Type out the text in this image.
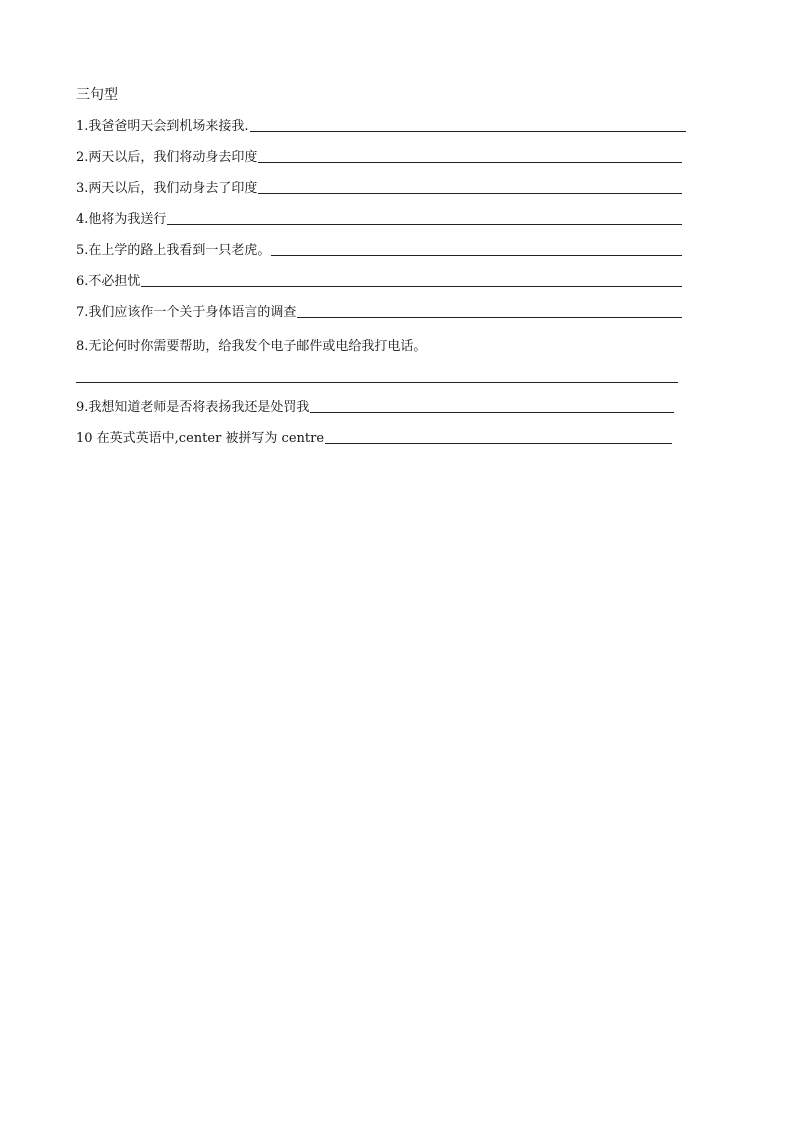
三句型
1.我爸爸明天会到机场来接我.
2.两天以后，我们将动身去印度
3.两天以后，我们动身去了印度
4.他将为我送行
5.在上学的路上我看到一只老虎。
6.不必担忧
7.我们应该作一个关于身体语言的调查
8.无论何时你需要帮助，给我发个电子邮件或电给我打电话。
9.我想知道老师是否将表扬我还是处罚我
10 在英式英语中,center 被拼写为 centre
